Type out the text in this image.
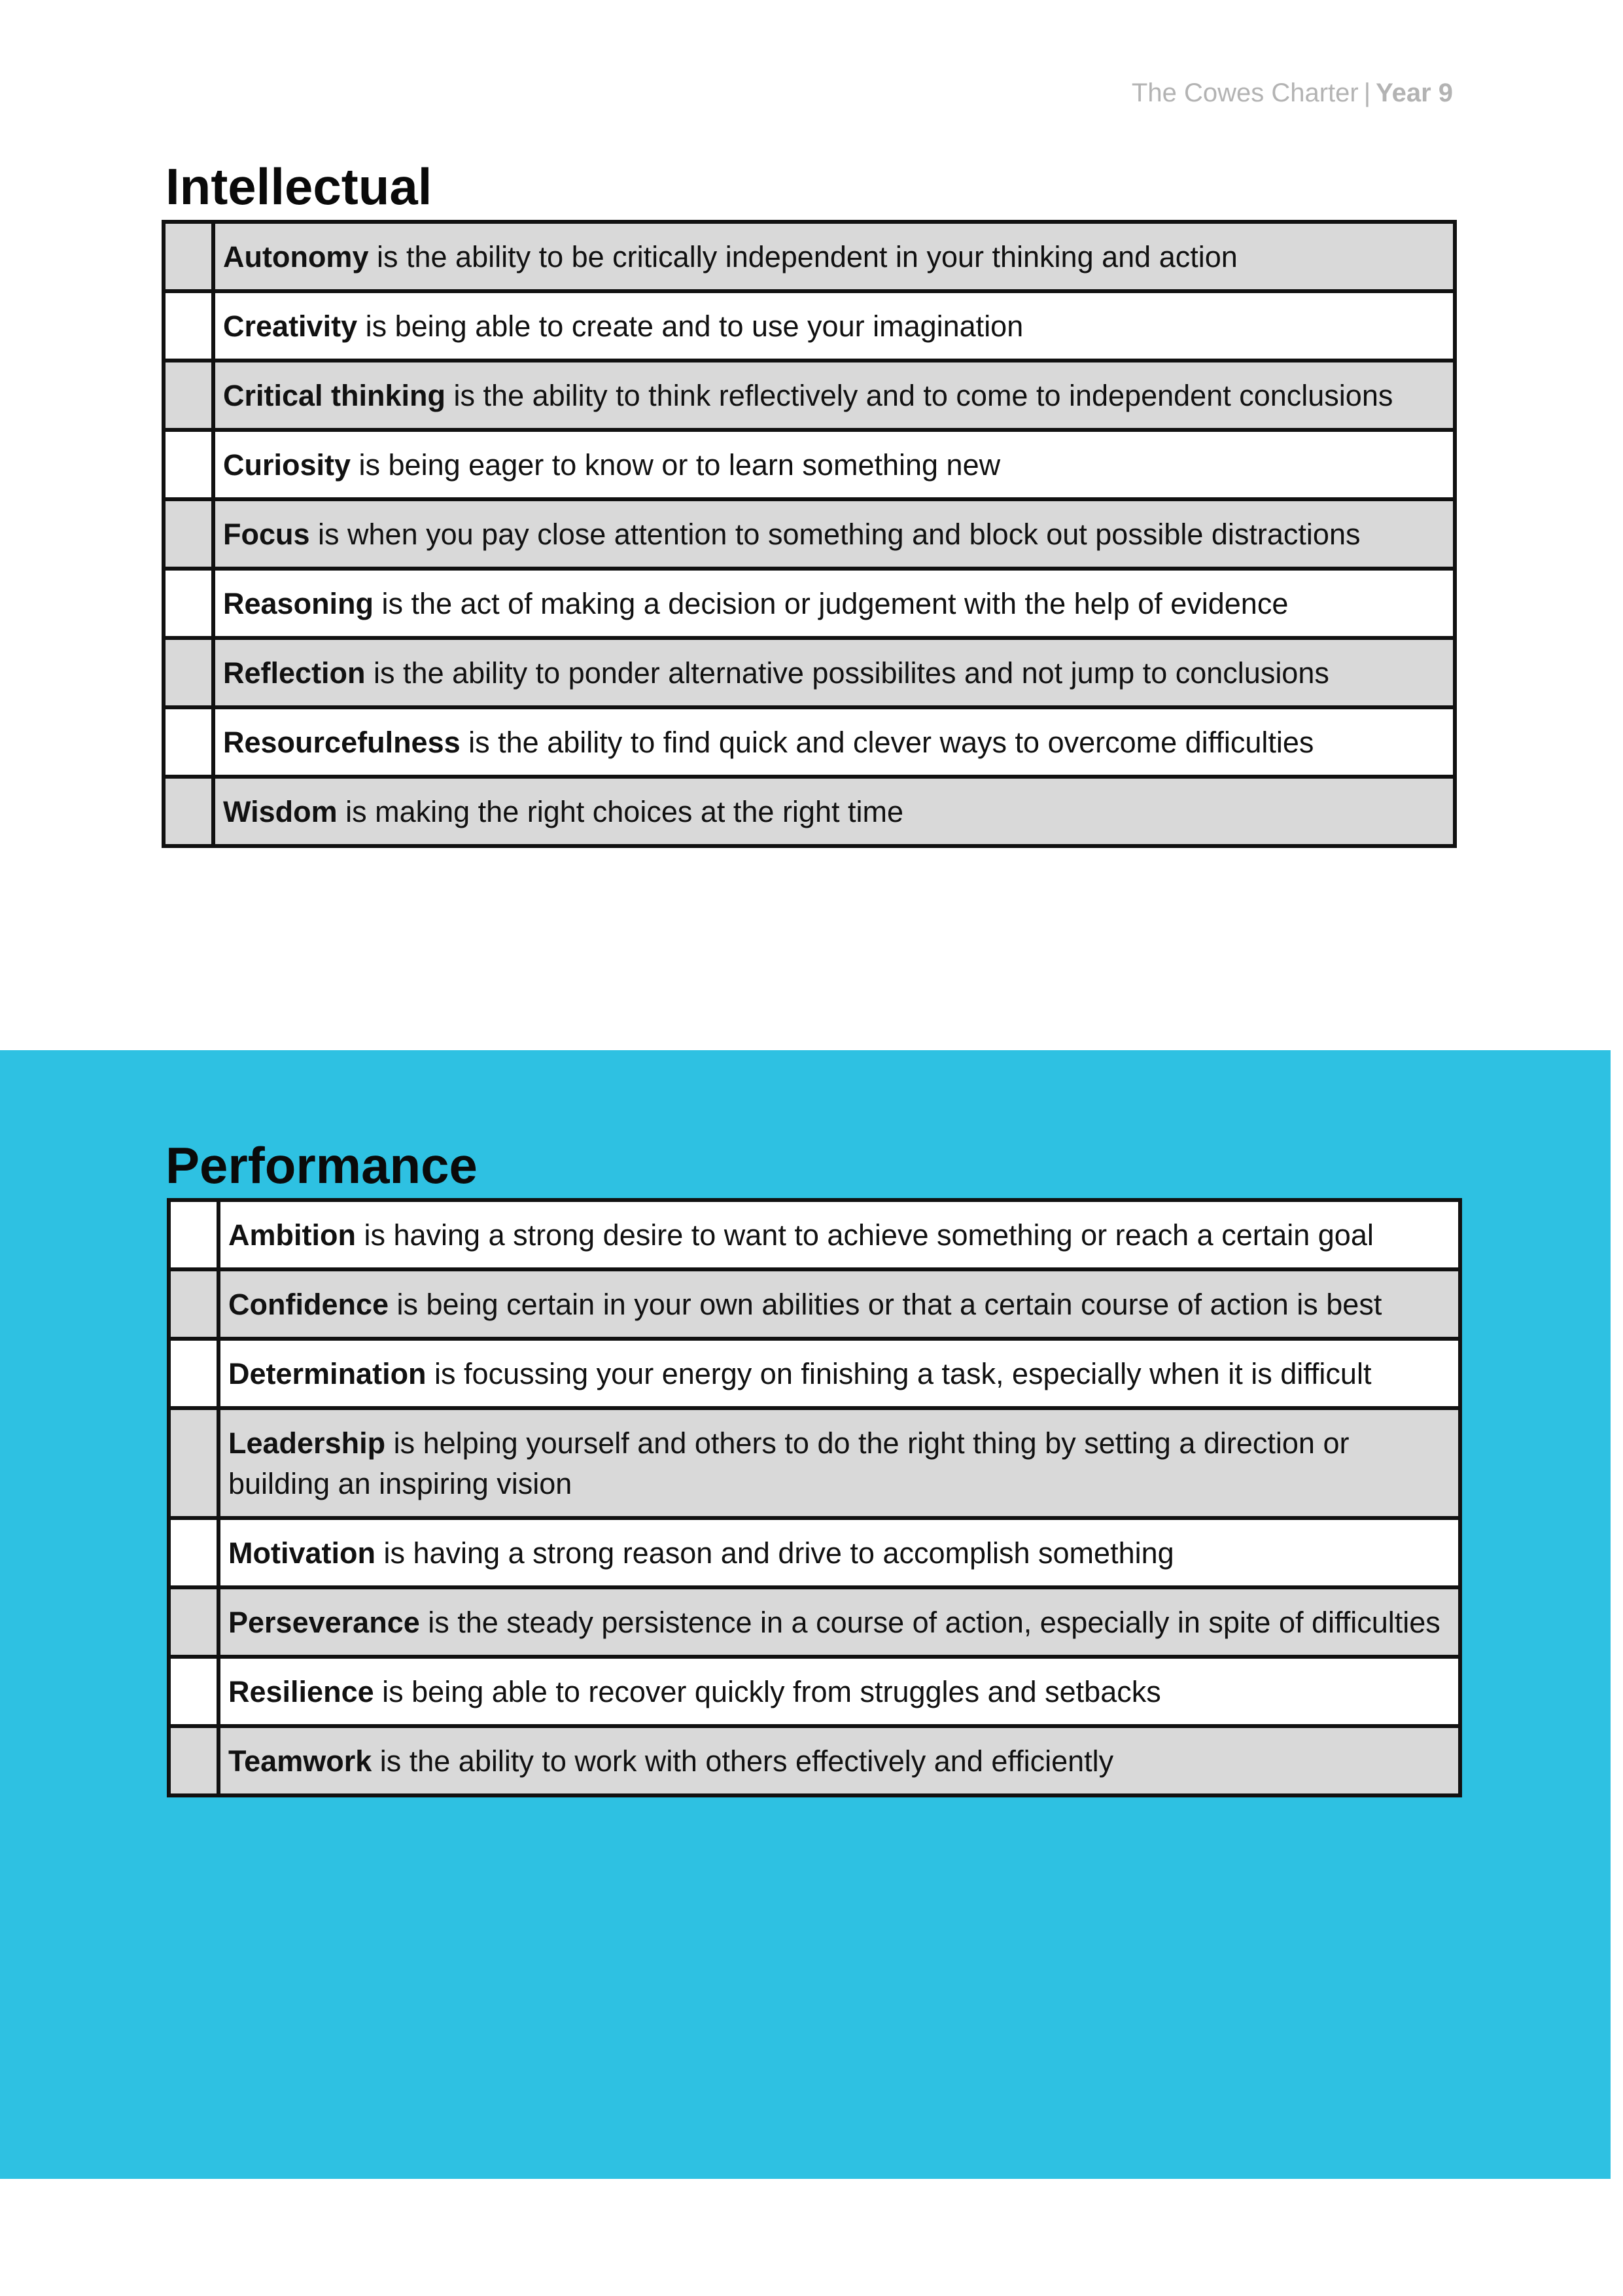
The Cowes Charter | Year 9
Intellectual
	Autonomy is the ability to be critically independent in your thinking and action
	Creativity is being able to create and to use your imagination
	Critical thinking is the ability to think reflectively and to come to independent conclusions
	Curiosity is being eager to know or to learn something new
	Focus is when you pay close attention to something and block out possible distractions
	Reasoning is the act of making a decision or judgement with the help of evidence
	Reflection is the ability to ponder alternative possibilites and not jump to conclusions
	Resourcefulness is the ability to find quick and clever ways to overcome difficulties
	Wisdom is making the right choices at the right time
Performance
	Ambition is having a strong desire to want to achieve something or reach a certain goal
	Confidence is being certain in your own abilities or that a certain course of action is best
	Determination is focussing your energy on finishing a task, especially when it is difficult
	Leadership is helping yourself and others to do the right thing by setting a direction or building an inspiring vision
	Motivation is having a strong reason and drive to accomplish something
	Perseverance is the steady persistence in a course of action, especially in spite of difficulties
	Resilience is being able to recover quickly from struggles and setbacks
	Teamwork is the ability to work with others effectively and efficiently
